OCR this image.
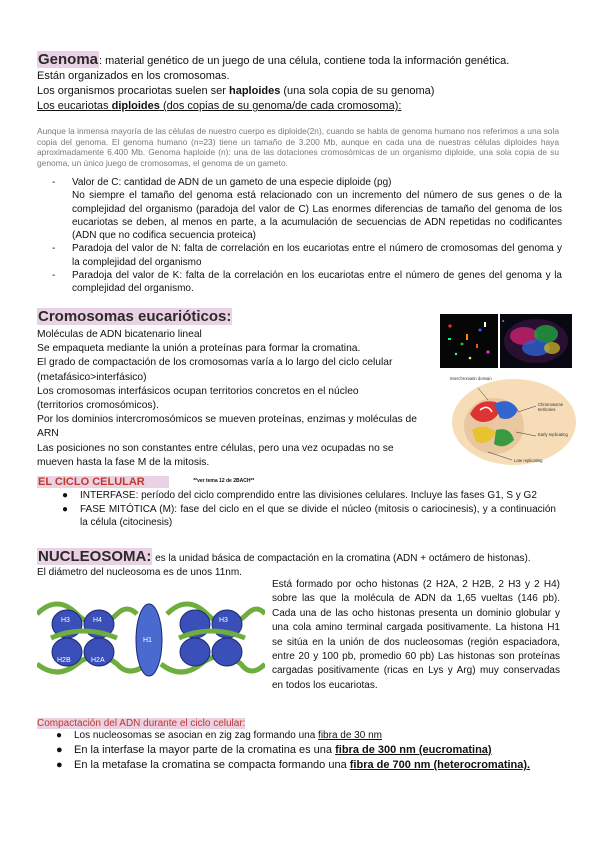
Genoma: material genético de un juego de una célula, contiene toda la información genética.
Están organizados en los cromosomas.
Los organismos procariotas suelen ser haploides (una sola copia de su genoma)
Los eucariotas diploides (dos copias de su genoma/de cada cromosoma):
Aunque la inmensa mayoría de las células de nuestro cuerpo es diploide(2n), cuando se habla de genoma humano nos referimos a una sola copia del genoma. El genoma humano (n=23) tiene un tamaño de 3.200 Mb, aunque en cada una de nuestras células diploides haya aproximadamente 6.400 Mb. Genoma haploide (n): una de las dotaciones cromosómicas de un organismo diploide, una sola copia de su genoma, un único juego de cromosomas, el genoma de un gameto.
- Valor de C: cantidad de ADN de un gameto de una especie diploide (pg)
No siempre el tamaño del genoma está relacionado con un incremento del número de sus genes o de la complejidad del organismo (paradoja del valor de C) Las enormes diferencias de tamaño del genoma de los eucariotas se deben, al menos en parte, a la acumulación de secuencias de ADN repetidas no codificantes (ADN que no codifica secuencia proteica)
- Paradoja del valor de N: falta de correlación en los eucariotas entre el número de cromosomas del genoma y la complejidad del organismo
- Paradoja del valor de K: falta de la correlación en los eucariotas entre el número de genes del genoma y la complejidad del organismo.
Cromosomas eucarióticos:
Moléculas de ADN bicatenario lineal
Se empaqueta mediante la unión a proteínas para formar la cromatina.
El grado de compactación de los cromosomas varía a lo largo del ciclo celular (metafásico>interfásico)
Los cromosomas interfásicos ocupan territorios concretos en el núcleo (territorios cromosómicos).
Por los dominios intercromosómicos se mueven proteínas, enzimas y moléculas de ARN
Las posiciones no son constantes entre células, pero una vez ocupadas no se mueven hasta la fase M de la mitosis.
a
Interchromatin domain
Chromosome territories
Early replicating
Late replicating
EL CICLO CELULAR	**ver tema 12 de 2BACH**
● INTERFASE: período del ciclo comprendido entre las divisiones celulares. Incluye las fases G1, S y G2
● FASE MITÓTICA (M): fase del ciclo en el que se divide el núcleo (mitosis o cariocinesis), y a continuación la célula (citocinesis)
NUCLEOSOMA: es la unidad básica de compactación en la cromatina (ADN + octámero de histonas).
El diámetro del nucleosoma es de unos 11nm.
H3	H4
H1
H2B	H2A
H3
Está formado por ocho histonas (2 H2A, 2 H2B, 2 H3 y 2 H4) sobre las que la molécula de ADN da 1,65 vueltas (146 pb). Cada una de las ocho histonas presenta un dominio globular y una cola amino terminal cargada positivamente. La histona H1 se sitúa en la unión de dos nucleosomas (región espaciadora, entre 20 y 100 pb, promedio 60 pb) Las histonas son proteínas cargadas positivamente (ricas en Lys y Arg) muy conservadas en todos los eucariotas.
Compactación del ADN durante el ciclo celular:
● Los nucleosomas se asocian en zig zag formando una fibra de 30 nm
● En la interfase la mayor parte de la cromatina es una fibra de 300 nm (eucromatina)
● En la metafase la cromatina se compacta formando una fibra de 700 nm (heterocromatina).
